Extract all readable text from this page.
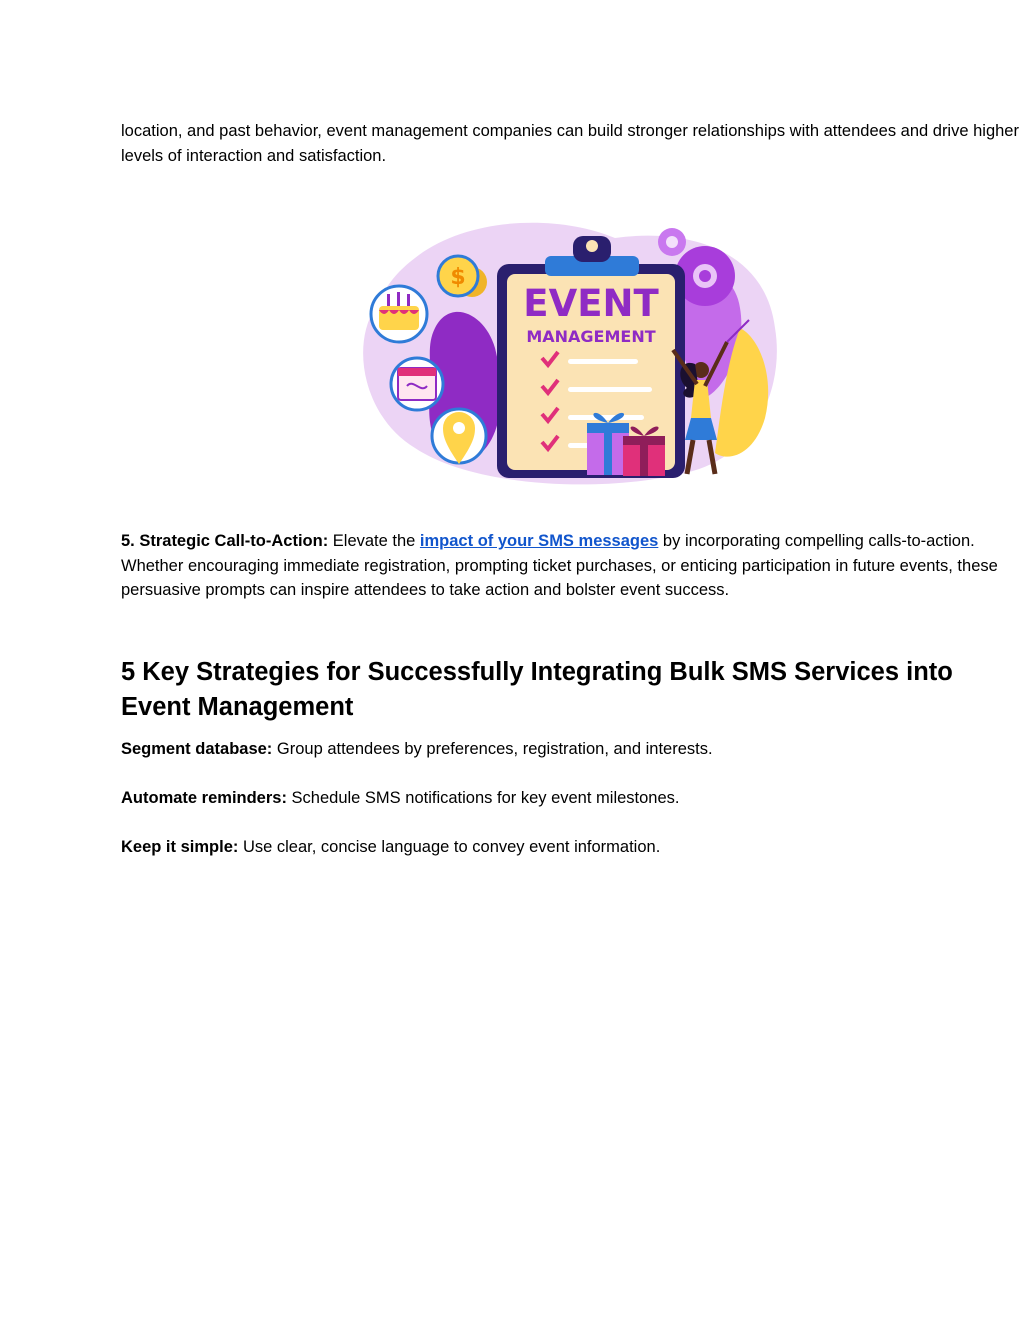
location, and past behavior, event management companies can build stronger relationships with attendees and drive higher levels of interaction and satisfaction.

5. Strategic Call-to-Action: Elevate the impact of your SMS messages by incorporating compelling calls-to-action. Whether encouraging immediate registration, prompting ticket purchases, or enticing participation in future events, these persuasive prompts can inspire attendees to take action and bolster event success.

5 Key Strategies for Successfully Integrating Bulk SMS Services into Event Management

Segment database: Group attendees by preferences, registration, and interests.

Automate reminders: Schedule SMS notifications for key event milestones.

Keep it simple: Use clear, concise language to convey event information.

EVENT
MANAGEMENT
$
